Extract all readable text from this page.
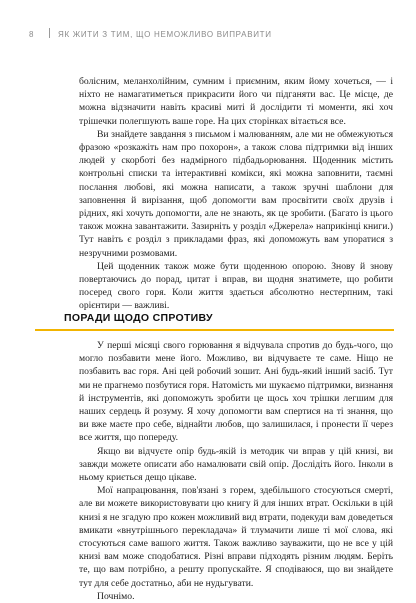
8	ЯК ЖИТИ З ТИМ, ЩО НЕМОЖЛИВО ВИПРАВИТИ

болісним, меланхолійним, сумним і приємним, яким йому хочеться, — і ніхто не намагатиметься прикрасити його чи підганяти вас. Це місце, де можна відзначити навіть красиві миті й дослідити ті моменти, які хоч трішечки полегшують ваше горе. На цих сторінках вітається все.

Ви знайдете завдання з письмом і малюванням, але ми не обмежуються фразою «розкажіть нам про похорон», а також слова підтримки від інших людей у скорботі без надмірного підбадьорювання. Щоденник містить контрольні списки та інтерактивні комікси, які можна заповнити, таємні послання любові, які можна написати, а також зручні шаблони для заповнення й вирізання, щоб допомогти вам просвітити своїх друзів і рідних, які хочуть допомогти, але не знають, як це зробити. (Багато із цього також можна завантажити. Зазирніть у розділ «Джерела» наприкінці книги.) Тут навіть є розділ з прикладами фраз, які допоможуть вам упоратися з незручними розмовами.

Цей щоденник також може бути щоденною опорою. Знову й знову повертаючись до порад, цитат і вправ, ви щодня знатимете, що робити посеред свого горя. Коли життя здається абсолютно нестерпним, такі орієнтири — важливі.

ПОРАДИ ЩОДО СПРОТИВУ

У перші місяці свого горювання я відчувала спротив до будь-чого, що могло позбавити мене його. Можливо, ви відчуваєте те саме. Ніщо не позбавить вас горя. Ані цей робочий зошит. Ані будь-який інший засіб. Тут ми не прагнемо позбутися горя. Натомість ми шукаємо підтримки, визнання й інструментів, які допоможуть зробити це щось хоч трішки легшим для наших сердець й розуму. Я хочу допомогти вам спертися на ті знання, що ви вже маєте про себе, віднайти любов, що залишилася, і пронести її через все життя, що попереду.

Якщо ви відчуєте опір будь-якій із методик чи вправ у цій книзі, ви завжди можете описати або намалювати свій опір. Дослідіть його. Інколи в ньому криється дещо цікаве.

Мої напрацювання, пов'язані з горем, здебільшого стосуються смерті, але ви можете використовувати цю книгу й для інших втрат. Оскільки в цій книзі я не згадую про кожен можливий вид втрати, подекуди вам доведеться вмикати «внутрішнього перекладача» й тлумачити лише ті мої слова, які стосуються саме вашого життя. Також важливо зауважити, що не все у цій книзі вам може сподобатися. Різні вправи підходять різним людям. Беріть те, що вам потрібно, а решту пропускайте. Я сподіваюся, що ви знайдете тут для себе достатньо, аби не нудьгувати.

Почнімо.
